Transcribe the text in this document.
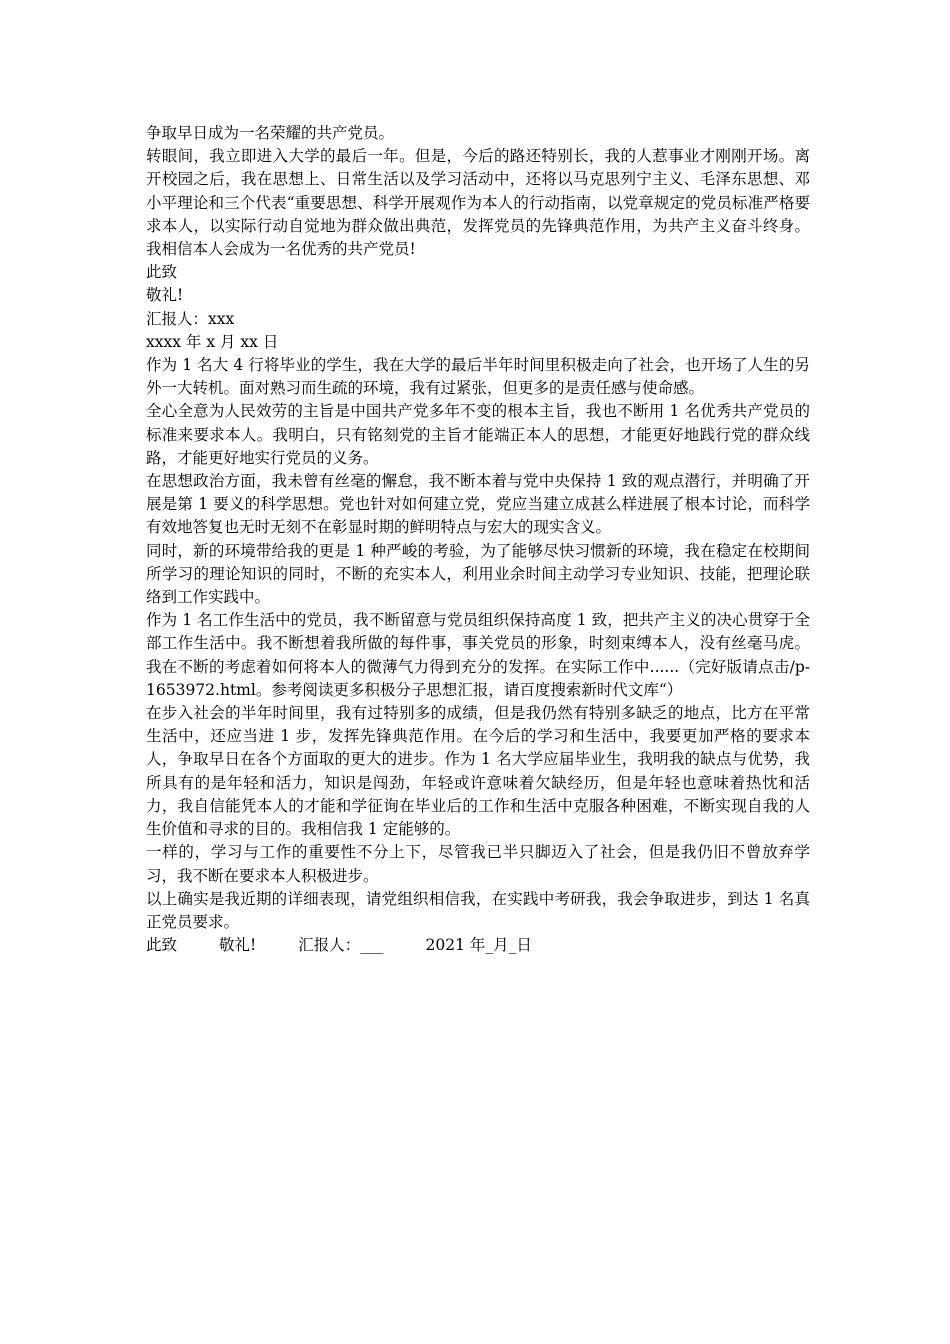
争取早日成为一名荣耀的共产党员。

转眼间，我立即进入大学的最后一年。但是，今后的路还特别长，我的人惹事业才刚刚开场。离开校园之后，我在思想上、日常生活以及学习活动中，还将以马克思列宁主义、毛泽东思想、邓小平理论和三个代表“重要思想、科学开展观作为本人的行动指南，以党章规定的党员标准严格要求本人，以实际行动自觉地为群众做出典范，发挥党员的先锋典范作用，为共产主义奋斗终身。我相信本人会成为一名优秀的共产党员!

此致

敬礼!

汇报人：xxx

xxxx 年 x 月 xx 日

作为 1 名大 4 行将毕业的学生，我在大学的最后半年时间里积极走向了社会，也开场了人生的另外一大转机。面对熟习而生疏的环境，我有过紧张，但更多的是责任感与使命感。

全心全意为人民效劳的主旨是中国共产党多年不变的根本主旨，我也不断用 1 名优秀共产党员的标准来要求本人。我明白，只有铭刻党的主旨才能端正本人的思想，才能更好地践行党的群众线路，才能更好地实行党员的义务。

在思想政治方面，我未曾有丝毫的懈怠，我不断本着与党中央保持 1 致的观点潜行，并明确了开展是第 1 要义的科学思想。党也针对如何建立党，党应当建立成甚么样进展了根本讨论，而科学有效地答复也无时无刻不在彰显时期的鲜明特点与宏大的现实含义。

同时，新的环境带给我的更是 1 种严峻的考验，为了能够尽快习惯新的环境，我在稳定在校期间所学习的理论知识的同时，不断的充实本人，利用业余时间主动学习专业知识、技能，把理论联络到工作实践中。

作为 1 名工作生活中的党员，我不断留意与党员组织保持高度 1 致，把共产主义的决心贯穿于全部工作生活中。我不断想着我所做的每件事，事关党员的形象，时刻束缚本人，没有丝毫马虎。我在不断的考虑着如何将本人的微薄气力得到充分的发挥。在实际工作中......（完好版请点击/p-1653972.html。参考阅读更多积极分子思想汇报，请百度搜索新时代文库“）

在步入社会的半年时间里，我有过特别多的成绩，但是我仍然有特别多缺乏的地点，比方在平常生活中，还应当进 1 步，发挥先锋典范作用。在今后的学习和生活中，我要更加严格的要求本人，争取早日在各个方面取的更大的进步。作为 1 名大学应届毕业生，我明我的缺点与优势，我所具有的是年轻和活力，知识是闯劲，年轻或许意味着欠缺经历，但是年轻也意味着热忱和活力，我自信能凭本人的才能和学征询在毕业后的工作和生活中克服各种困难，不断实现自我的人生价值和寻求的目的。我相信我 1 定能够的。

一样的，学习与工作的重要性不分上下，尽管我已半只脚迈入了社会，但是我仍旧不曾放弃学习，我不断在要求本人积极进步。

以上确实是我近期的详细表现，请党组织相信我，在实践中考研我，我会争取进步，到达 1 名真正党员要求。

此致	敬礼!	汇报人：___	2021 年_月_日
